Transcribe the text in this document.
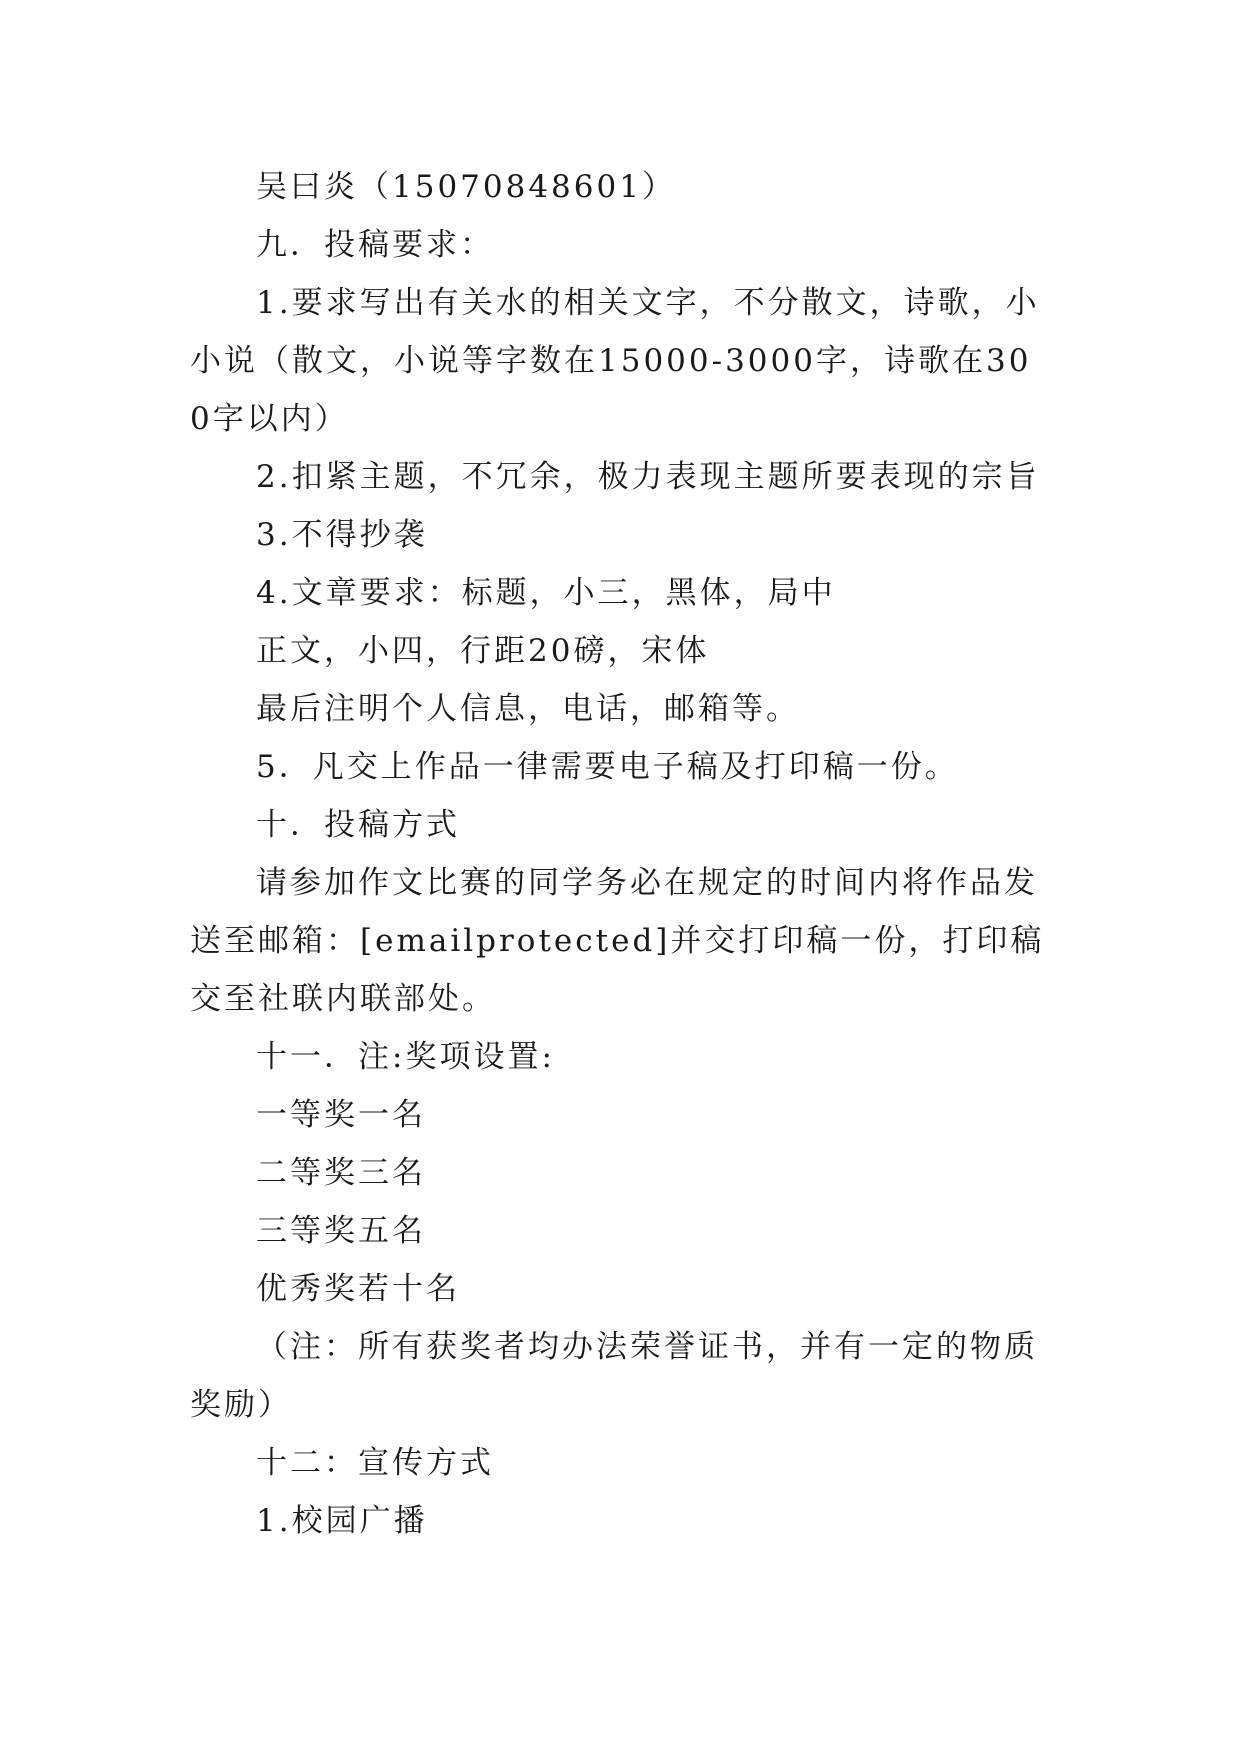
吴曰炎（15070848601）

九．投稿要求：

1.要求写出有关水的相关文字，不分散文，诗歌，小小说（散文，小说等字数在15000-3000字，诗歌在300字以内）

2.扣紧主题，不冗余，极力表现主题所要表现的宗旨

3.不得抄袭

4.文章要求：标题，小三，黑体，局中

正文，小四，行距20磅，宋体

最后注明个人信息，电话，邮箱等。

5．凡交上作品一律需要电子稿及打印稿一份。

十．投稿方式

请参加作文比赛的同学务必在规定的时间内将作品发送至邮箱：[emailprotected]并交打印稿一份，打印稿交至社联内联部处。

十一．注:奖项设置:

一等奖一名

二等奖三名

三等奖五名

优秀奖若十名

（注：所有获奖者均办法荣誉证书，并有一定的物质奖励）

十二：宣传方式

1.校园广播
